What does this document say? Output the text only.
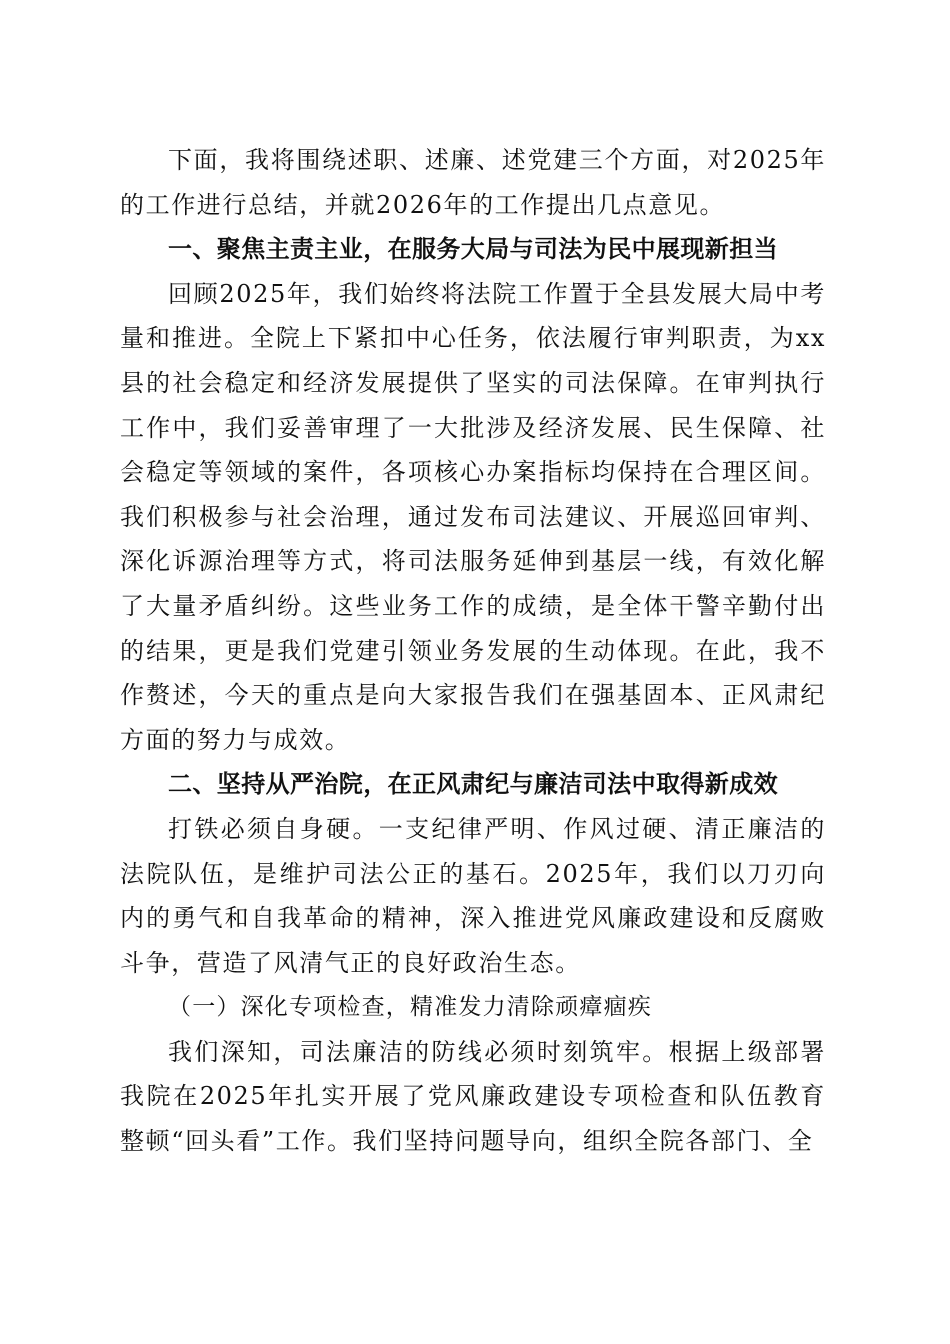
下面，我将围绕述职、述廉、述党建三个方面，对2025年的工作进行总结，并就2026年的工作提出几点意见。

一、聚焦主责主业，在服务大局与司法为民中展现新担当

回顾2025年，我们始终将法院工作置于全县发展大局中考量和推进。全院上下紧扣中心任务，依法履行审判职责，为xx县的社会稳定和经济发展提供了坚实的司法保障。在审判执行工作中，我们妥善审理了一大批涉及经济发展、民生保障、社会稳定等领域的案件，各项核心办案指标均保持在合理区间。我们积极参与社会治理，通过发布司法建议、开展巡回审判、深化诉源治理等方式，将司法服务延伸到基层一线，有效化解了大量矛盾纠纷。这些业务工作的成绩，是全体干警辛勤付出的结果，更是我们党建引领业务发展的生动体现。在此，我不作赘述，今天的重点是向大家报告我们在强基固本、正风肃纪方面的努力与成效。

二、坚持从严治院，在正风肃纪与廉洁司法中取得新成效

打铁必须自身硬。一支纪律严明、作风过硬、清正廉洁的法院队伍，是维护司法公正的基石。2025年，我们以刀刃向内的勇气和自我革命的精神，深入推进党风廉政建设和反腐败斗争，营造了风清气正的良好政治生态。

（一）深化专项检查，精准发力清除顽瘴痼疾

我们深知，司法廉洁的防线必须时刻筑牢。根据上级部署我院在2025年扎实开展了党风廉政建设专项检查和队伍教育整顿“回头看”工作。我们坚持问题导向，组织全院各部门、全
